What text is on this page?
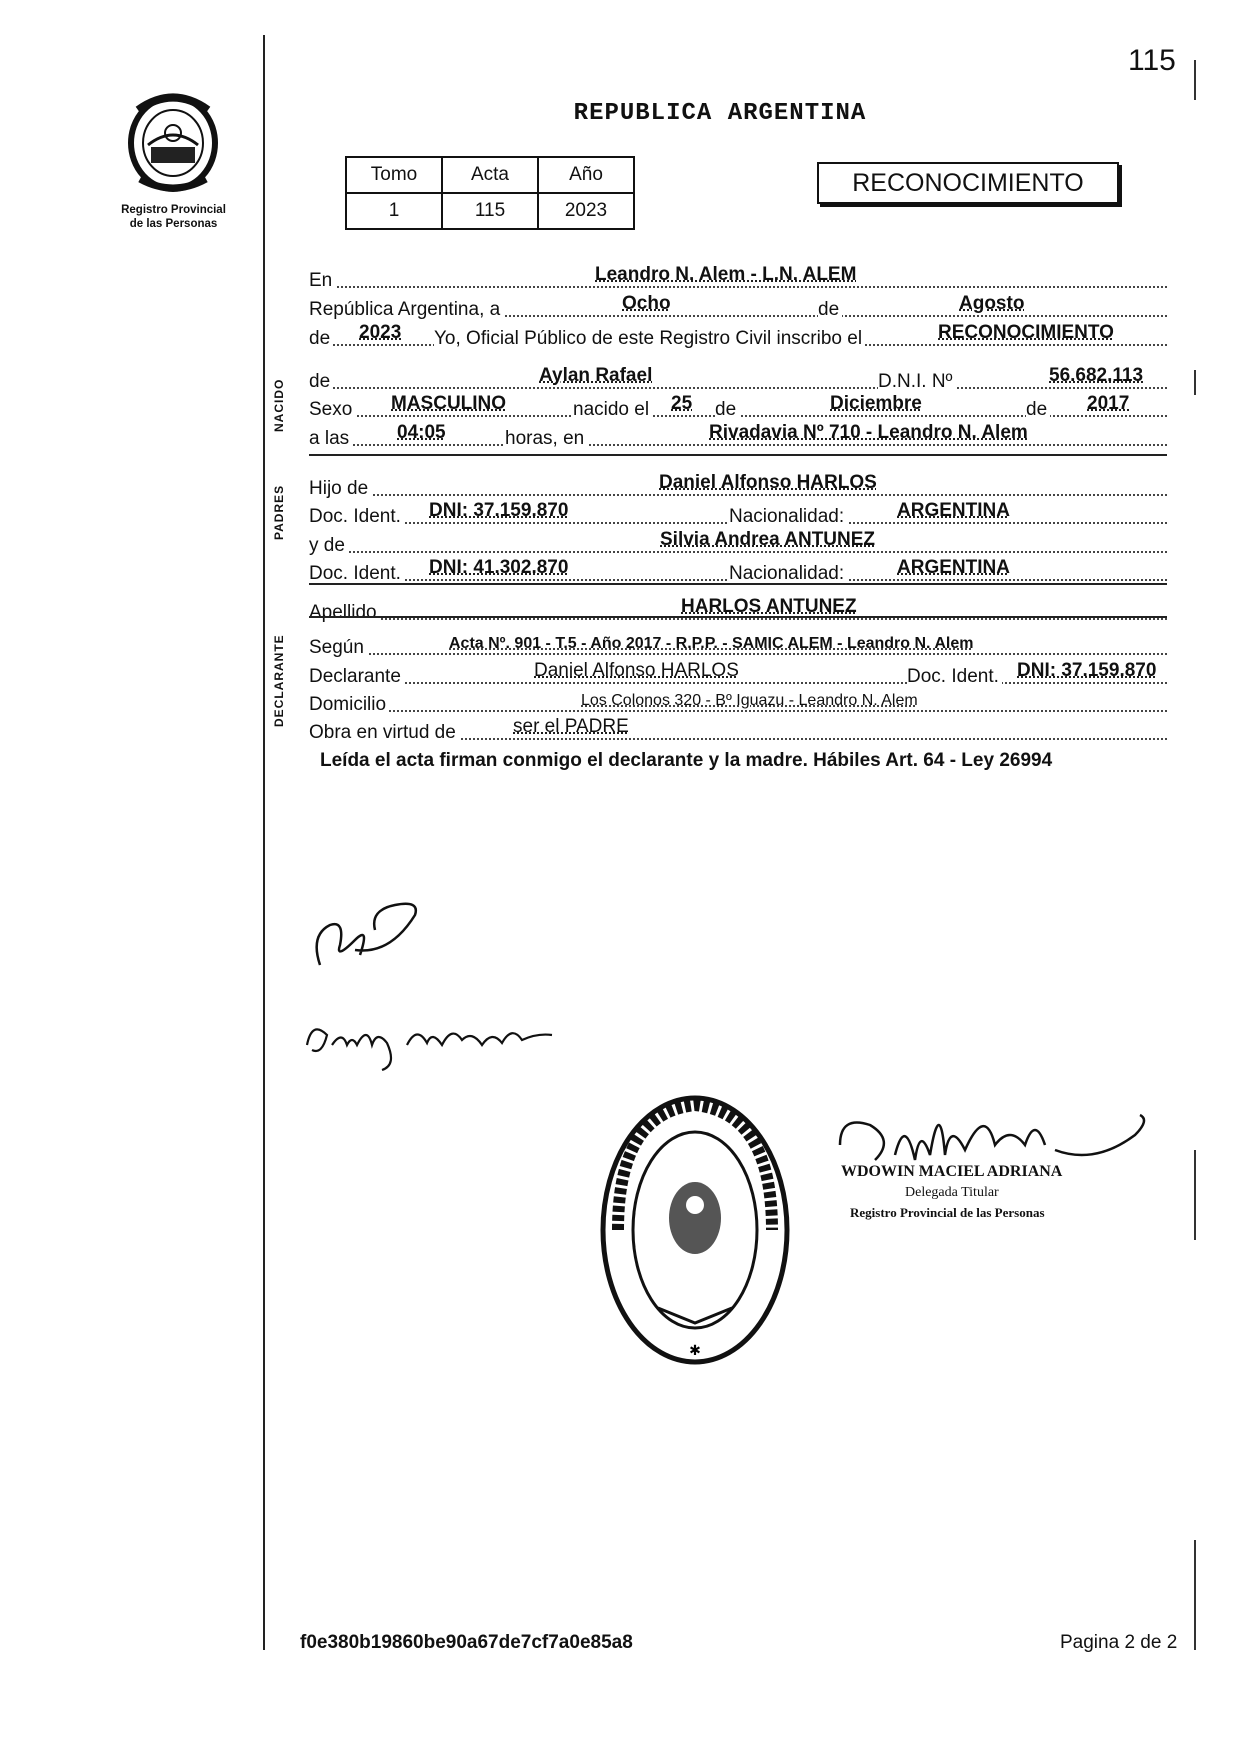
115
Registro Provincial
de las Personas
REPUBLICA ARGENTINA
Tomo	Acta	Año
1	115	2023
RECONOCIMIENTO
NACIDO
PADRES
DECLARANTE
En	Leandro N. Alem - L.N. ALEM
República Argentina, a	Ocho	de	Agosto
de 2023 Yo, Oficial Público de este Registro Civil inscribo el	RECONOCIMIENTO
de	Aylan Rafael	D.N.I. Nº	56.682.113
Sexo MASCULINO	nacido el 25 de	Diciembre	de 2017
a las	04:05	horas, en	Rivadavia Nº 710 - Leandro N. Alem
Hijo de	Daniel Alfonso HARLOS
Doc. Ident. DNI: 37.159.870	Nacionalidad:	ARGENTINA
y de	Silvia Andrea ANTUNEZ
Doc. Ident. DNI: 41.302.870	Nacionalidad:	ARGENTINA
Apellido	HARLOS ANTUNEZ
Según	Acta Nº. 901 - T.5 - Año 2017 - R.P.P. - SAMIC ALEM - Leandro N. Alem
Declarante	Daniel Alfonso HARLOS	Doc. Ident. DNI: 37.159.870
Domicilio	Los Colonos 320 - Bº Iguazu - Leandro N. Alem
Obra en virtud de	ser el PADRE
Leída el acta firman conmigo el declarante y la madre. Hábiles Art. 64 - Ley 26994
WDOWIN MACIEL ADRIANA
Delegada Titular
Registro Provincial de las Personas
✱
f0e380b19860be90a67de7cf7a0e85a8	Pagina 2 de 2
